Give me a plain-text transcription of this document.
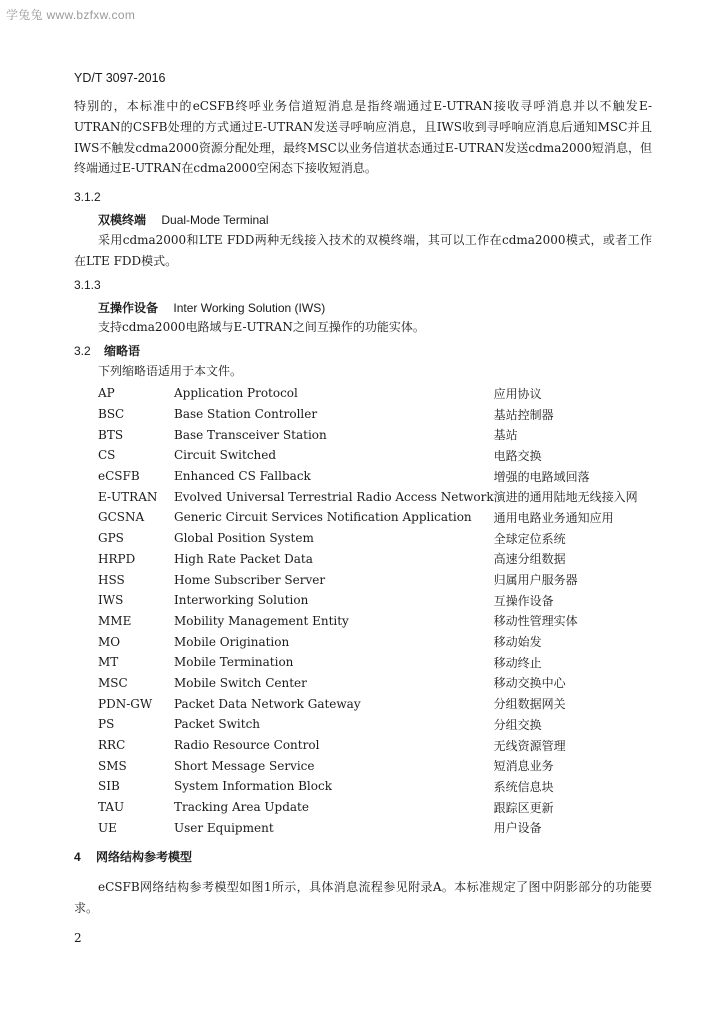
学兔兔 www.bzfxw.com
YD/T 3097-2016
特别的，本标准中的eCSFB终呼业务信道短消息是指终端通过E-UTRAN接收寻呼消息并以不触发E-UTRAN的CSFB处理的方式通过E-UTRAN发送寻呼响应消息，且IWS收到寻呼响应消息后通知MSC并且IWS不触发cdma2000资源分配处理，最终MSC以业务信道状态通过E-UTRAN发送cdma2000短消息，但终端通过E-UTRAN在cdma2000空闲态下接收短消息。
3.1.2
双模终端 Dual-Mode Terminal
采用cdma2000和LTE FDD两种无线接入技术的双模终端，其可以工作在cdma2000模式，或者工作在LTE FDD模式。
3.1.3
互操作设备 Inter Working Solution (IWS)
支持cdma2000电路域与E-UTRAN之间互操作的功能实体。
3.2 缩略语
下列缩略语适用于本文件。
AP	Application Protocol	应用协议
BSC	Base Station Controller	基站控制器
BTS	Base Transceiver Station	基站
CS	Circuit Switched	电路交换
eCSFB	Enhanced CS Fallback	增强的电路域回落
E-UTRAN	Evolved Universal Terrestrial Radio Access Network	演进的通用陆地无线接入网
GCSNA	Generic Circuit Services Notification Application	通用电路业务通知应用
GPS	Global Position System	全球定位系统
HRPD	High Rate Packet Data	高速分组数据
HSS	Home Subscriber Server	归属用户服务器
IWS	Interworking Solution	互操作设备
MME	Mobility Management Entity	移动性管理实体
MO	Mobile Origination	移动始发
MT	Mobile Termination	移动终止
MSC	Mobile Switch Center	移动交换中心
PDN-GW	Packet Data Network Gateway	分组数据网关
PS	Packet Switch	分组交换
RRC	Radio Resource Control	无线资源管理
SMS	Short Message Service	短消息业务
SIB	System Information Block	系统信息块
TAU	Tracking Area Update	跟踪区更新
UE	User Equipment	用户设备
4 网络结构参考模型
eCSFB网络结构参考模型如图1所示，具体消息流程参见附录A。本标准规定了图中阴影部分的功能要求。
2
